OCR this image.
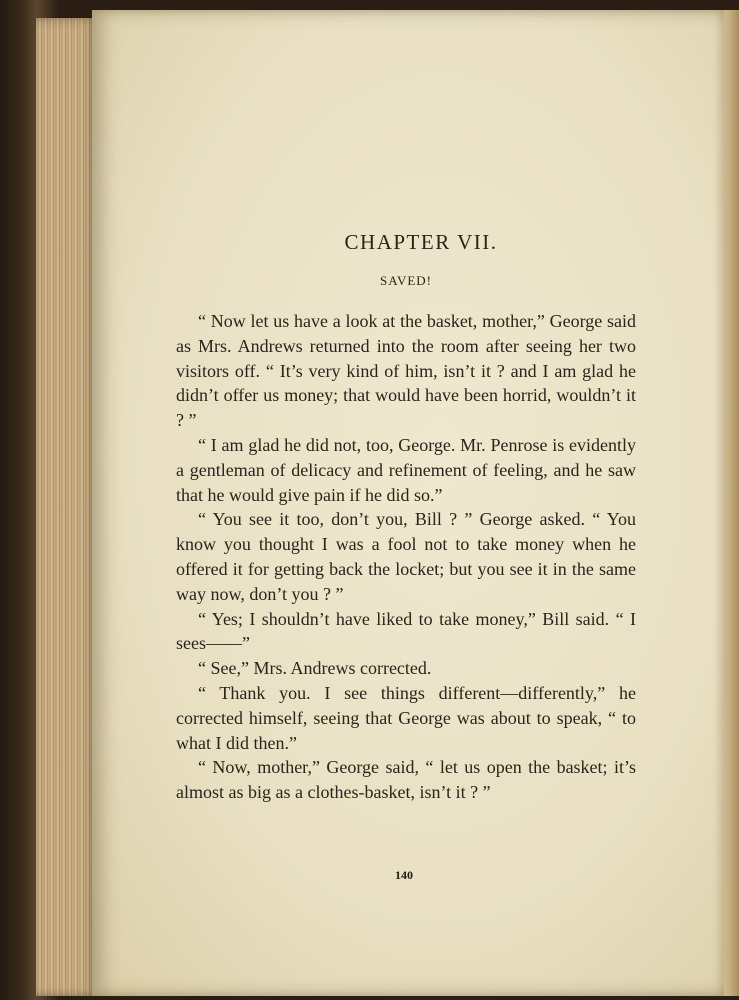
CHAPTER VII.
SAVED!

“ Now let us have a look at the basket, mother,” George said as Mrs. Andrews returned into the room after seeing her two visitors off. “ It’s very kind of him, isn’t it ? and I am glad he didn’t offer us money; that would have been horrid, wouldn’t it ? ”

“ I am glad he did not, too, George. Mr. Penrose is evidently a gentleman of delicacy and refinement of feeling, and he saw that he would give pain if he did so.”

“ You see it too, don’t you, Bill ? ” George asked. “ You know you thought I was a fool not to take money when he offered it for getting back the locket; but you see it in the same way now, don’t you ? ”

“ Yes; I shouldn’t have liked to take money,” Bill said. “ I sees——”

“ See,” Mrs. Andrews corrected.

“ Thank you. I see things different—differently,” he corrected himself, seeing that George was about to speak, “ to what I did then.”

“ Now, mother,” George said, “ let us open the basket; it’s almost as big as a clothes-basket, isn’t it ? ”

140
